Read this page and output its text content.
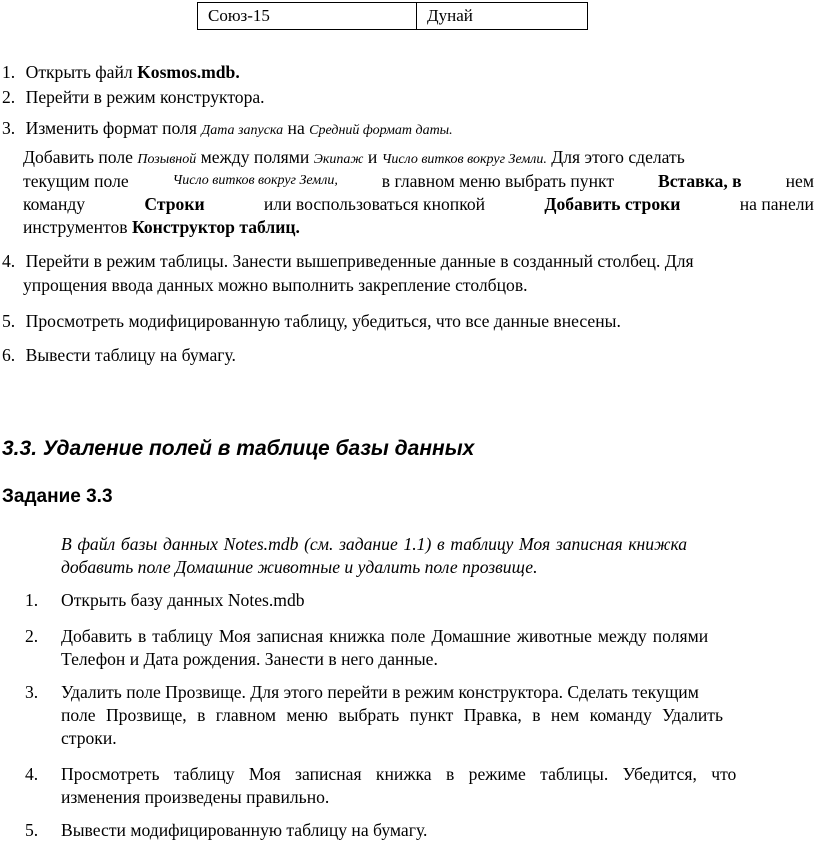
Союз-15	Дунай
1. Открыть файл Kosmos.mdb.
2. Перейти в режим конструктора.
3. Изменить формат поля Дата запуска на Средний формат даты.
Добавить поле Позывной между полями Экипаж и Число витков вокруг Земли. Для этого сделать
текущим поле	Число витков вокруг Земли, в главном меню выбрать пункт Вставка, в нем
команду	Строки	или воспользоваться кнопкой	Добавить строки	на панели
инструментов Конструктор таблиц.
4. Перейти в режим таблицы. Занести вышеприведенные данные в созданный столбец. Для
упрощения ввода данных можно выполнить закрепление столбцов.
5. Просмотреть модифицированную таблицу, убедиться, что все данные внесены.
6. Вывести таблицу на бумагу.
3.3. Удаление полей в таблице базы данных
Задание 3.3
В файл базы данных Notes.mdb (см. задание 1.1) в таблицу Моя записная книжка
добавить поле Домашние животные и удалить поле прозвище.
1. Открыть базу данных Notes.mdb
2. Добавить в таблицу Моя записная книжка поле Домашние животные между полями
Телефон и Дата рождения. Занести в него данные.
3. Удалить поле Прозвище. Для этого перейти в режим конструктора. Сделать текущим
поле Прозвище, в главном меню выбрать пункт Правка, в нем команду Удалить
строки.
4. Просмотреть таблицу Моя записная книжка в режиме таблицы. Убедится, что
изменения произведены правильно.
5. Вывести модифицированную таблицу на бумагу.
